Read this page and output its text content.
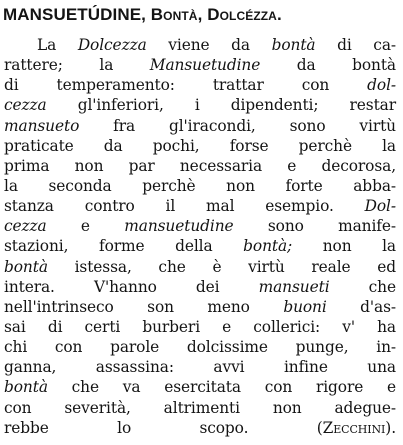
MANSUETÚDINE, Bontà, Dolcézza.
La Dolcezza viene da bontà di ca-
rattere; la Mansuetudine da bontà
di temperamento: trattar con dol-
cezza gl'inferiori, i dipendenti; restar
mansueto fra gl'iracondi, sono virtù
praticate da pochi, forse perchè la
prima non par necessaria e decorosa,
la seconda perchè non forte abba-
stanza contro il mal esempio. Dol-
cezza e mansuetudine sono manife-
stazioni, forme della bontà; non la
bontà istessa, che è virtù reale ed
intera. V'hanno dei mansueti che
nell'intrinseco son meno buoni d'as-
sai di certi burberi e collerici: v' ha
chi con parole dolcissime punge, in-
ganna, assassina: avvi infine una
bontà che va esercitata con rigore e
con severità, altrimenti non adegue-
rebbe lo scopo. (Zecchini).
